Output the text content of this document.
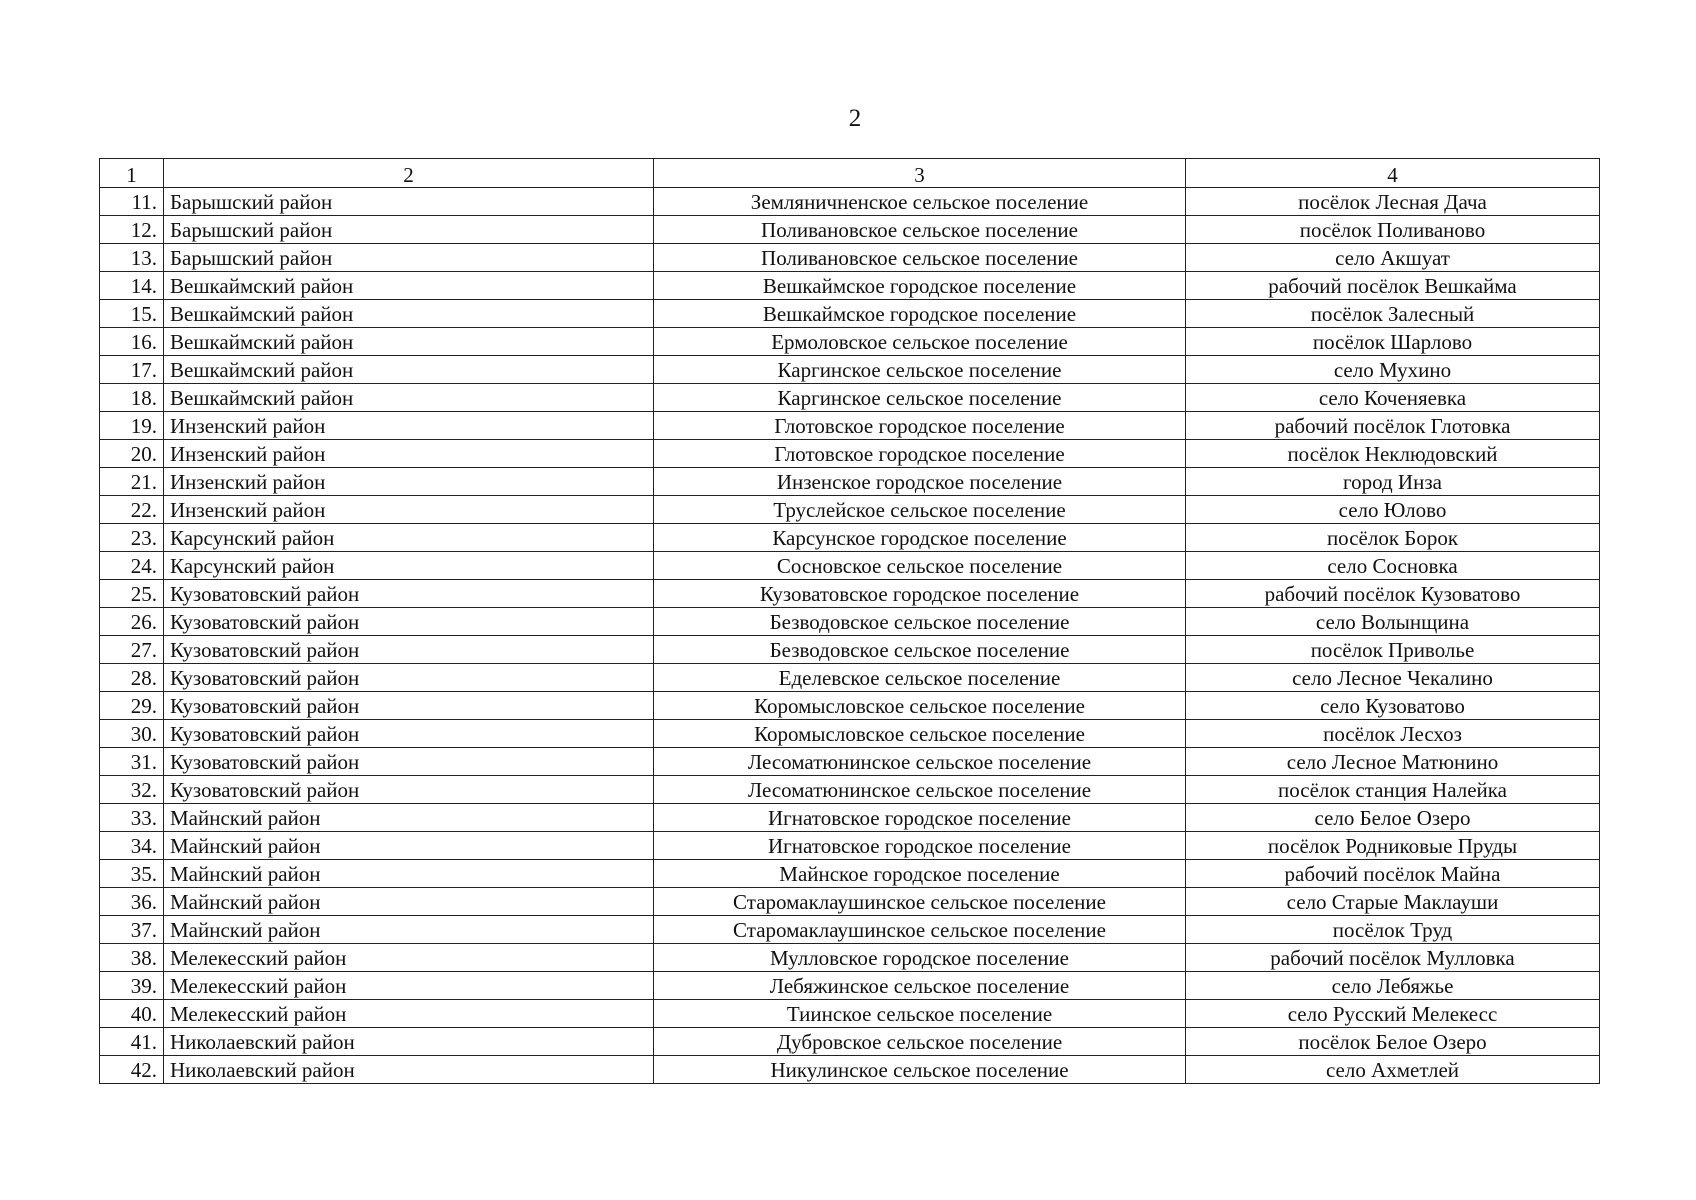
2
1	2	3	4
11.	Барышский район	Земляничненское сельское поселение	посёлок Лесная Дача
12.	Барышский район	Поливановское сельское поселение	посёлок Поливаново
13.	Барышский район	Поливановское сельское поселение	село Акшуат
14.	Вешкаймский район	Вешкаймское городское поселение	рабочий посёлок Вешкайма
15.	Вешкаймский район	Вешкаймское городское поселение	посёлок Залесный
16.	Вешкаймский район	Ермоловское сельское поселение	посёлок Шарлово
17.	Вешкаймский район	Каргинское сельское поселение	село Мухино
18.	Вешкаймский район	Каргинское сельское поселение	село Коченяевка
19.	Инзенский район	Глотовское городское поселение	рабочий посёлок Глотовка
20.	Инзенский район	Глотовское городское поселение	посёлок Неклюдовский
21.	Инзенский район	Инзенское городское поселение	город Инза
22.	Инзенский район	Труслейское сельское поселение	село Юлово
23.	Карсунский район	Карсунское городское поселение	посёлок Борок
24.	Карсунский район	Сосновское сельское поселение	село Сосновка
25.	Кузоватовский район	Кузоватовское городское поселение	рабочий посёлок Кузоватово
26.	Кузоватовский район	Безводовское сельское поселение	село Волынщина
27.	Кузоватовский район	Безводовское сельское поселение	посёлок Приволье
28.	Кузоватовский район	Еделевское сельское поселение	село Лесное Чекалино
29.	Кузоватовский район	Коромысловское сельское поселение	село Кузоватово
30.	Кузоватовский район	Коромысловское сельское поселение	посёлок Лесхоз
31.	Кузоватовский район	Лесоматюнинское сельское поселение	село Лесное Матюнино
32.	Кузоватовский район	Лесоматюнинское сельское поселение	посёлок станция Налейка
33.	Майнский район	Игнатовское городское поселение	село Белое Озеро
34.	Майнский район	Игнатовское городское поселение	посёлок Родниковые Пруды
35.	Майнский район	Майнское городское поселение	рабочий посёлок Майна
36.	Майнский район	Старомаклаушинское сельское поселение	село Старые Маклауши
37.	Майнский район	Старомаклаушинское сельское поселение	посёлок Труд
38.	Мелекесский район	Мулловское городское поселение	рабочий посёлок Мулловка
39.	Мелекесский район	Лебяжинское сельское поселение	село Лебяжье
40.	Мелекесский район	Тиинское сельское поселение	село Русский Мелекесс
41.	Николаевский район	Дубровское сельское поселение	посёлок Белое Озеро
42.	Николаевский район	Никулинское сельское поселение	село Ахметлей
